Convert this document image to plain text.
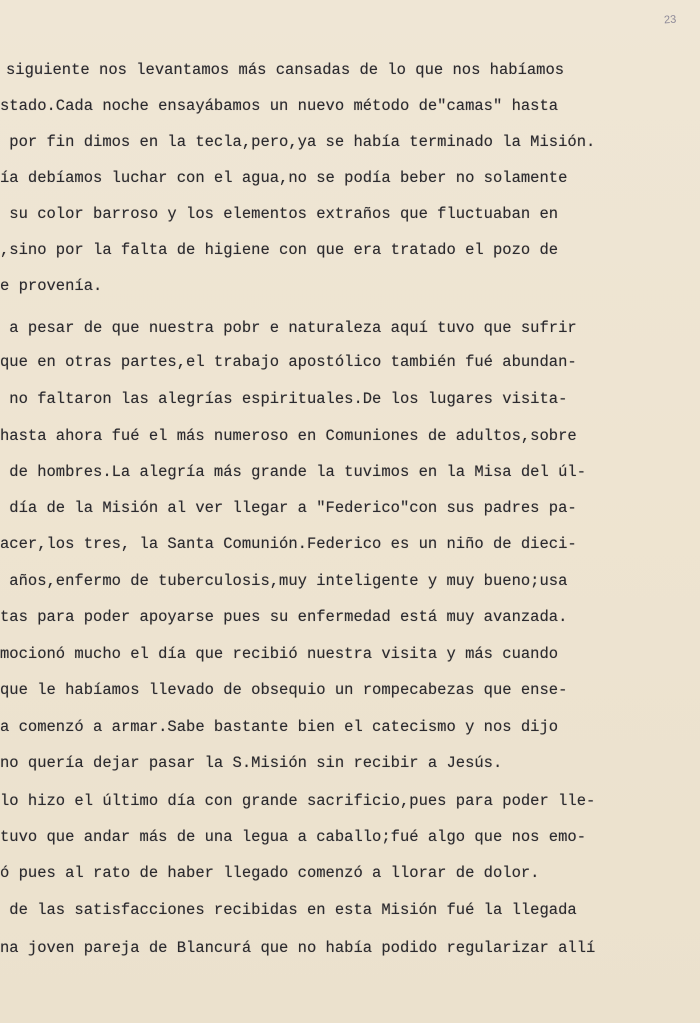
23
siguiente nos levantamos más cansadas de lo que nos habíamos
stado.Cada noche ensayábamos un nuevo método de"camas" hasta
por fin dimos en la tecla,pero,ya se había terminado la Misión.
ía debíamos luchar con el agua,no se podía beber no solamente
su color barroso y los elementos extraños que fluctuaban en
,sino por la falta de higiene con que era tratado el pozo de
e provenía.
a pesar de que nuestra pobr e naturaleza aquí tuvo que sufrir
que en otras partes,el trabajo apostólico también fué abundan-
no faltaron las alegrías espirituales.De los lugares visita-
hasta ahora fué el más numeroso en Comuniones de adultos,sobre
de hombres.La alegría más grande la tuvimos en la Misa del úl-
día de la Misión al ver llegar a "Federico"con sus padres pa-
acer,los tres, la Santa Comunión.Federico es un niño de dieci-
años,enfermo de tuberculosis,muy inteligente y muy bueno;usa
tas para poder apoyarse pues su enfermedad está muy avanzada.
mocionó mucho el día que recibió nuestra visita y más cuando
que le habíamos llevado de obsequio un rompecabezas que ense-
a comenzó a armar.Sabe bastante bien el catecismo y nos dijo
no quería dejar pasar la S.Misión sin recibir a Jesús.
lo hizo el último día con grande sacrificio,pues para poder lle-
tuvo que andar más de una legua a caballo;fué algo que nos emo-
ó pues al rato de haber llegado comenzó a llorar de dolor.
de las satisfacciones recibidas en esta Misión fué la llegada
na joven pareja de Blancurá que no había podido regularizar allí
